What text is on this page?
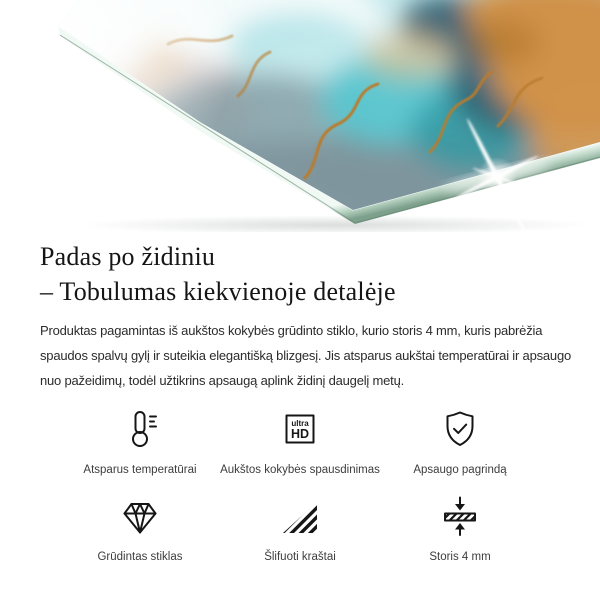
Padas po židiniu
– Tobulumas kiekvienoje detalėje

Produktas pagamintas iš aukštos kokybės grūdinto stiklo, kurio storis 4 mm, kuris pabrėžia spaudos spalvų gylį ir suteikia elegantišką blizgesį. Jis atsparus aukštai temperatūrai ir apsaugo nuo pažeidimų, todėl užtikrins apsaugą aplink židinį daugelį metų.

Atsparus temperatūrai
ultra
HD
Aukštos kokybės spausdinimas	Apsaugo pagrindą
Grūdintas stiklas	Šlifuoti kraštai	Storis 4 mm
